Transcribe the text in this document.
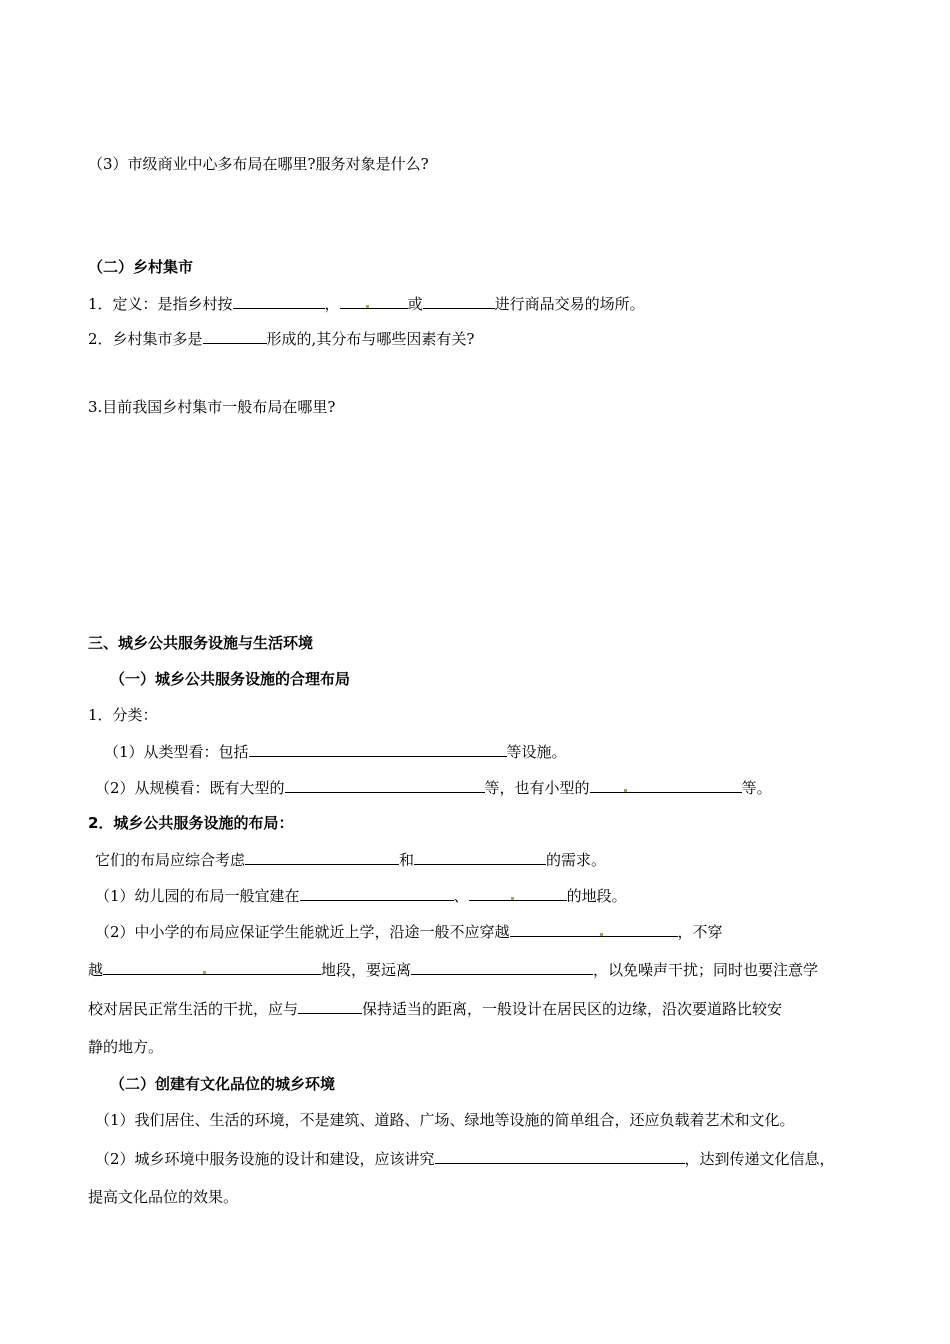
（3）市级商业中心多布局在哪里?服务对象是什么?
（二）乡村集市
1．定义：是指乡村按	，	或	进行商品交易的场所。
2．乡村集市多是	形成的,其分布与哪些因素有关?
3.目前我国乡村集市一般布局在哪里?
三、城乡公共服务设施与生活环境
（一）城乡公共服务设施的合理布局
1．分类：
（1）从类型看：包括	等设施。
（2）从规模看：既有大型的	等，也有小型的	等。
2．城乡公共服务设施的布局：
它们的布局应综合考虑	和	的需求。
（1）幼儿园的布局一般宜建在	、	的地段。
（2）中小学的布局应保证学生能就近上学，沿途一般不应穿越	，不穿
越	地段，要远离	，以免噪声干扰；同时也要注意学
校对居民正常生活的干扰，应与	保持适当的距离，一般设计在居民区的边缘，沿次要道路比较安
静的地方。
（二）创建有文化品位的城乡环境
（1）我们居住、生活的环境，不是建筑、道路、广场、绿地等设施的简单组合，还应负载着艺术和文化。
（2）城乡环境中服务设施的设计和建设，应该讲究	，达到传递文化信息，
提高文化品位的效果。
